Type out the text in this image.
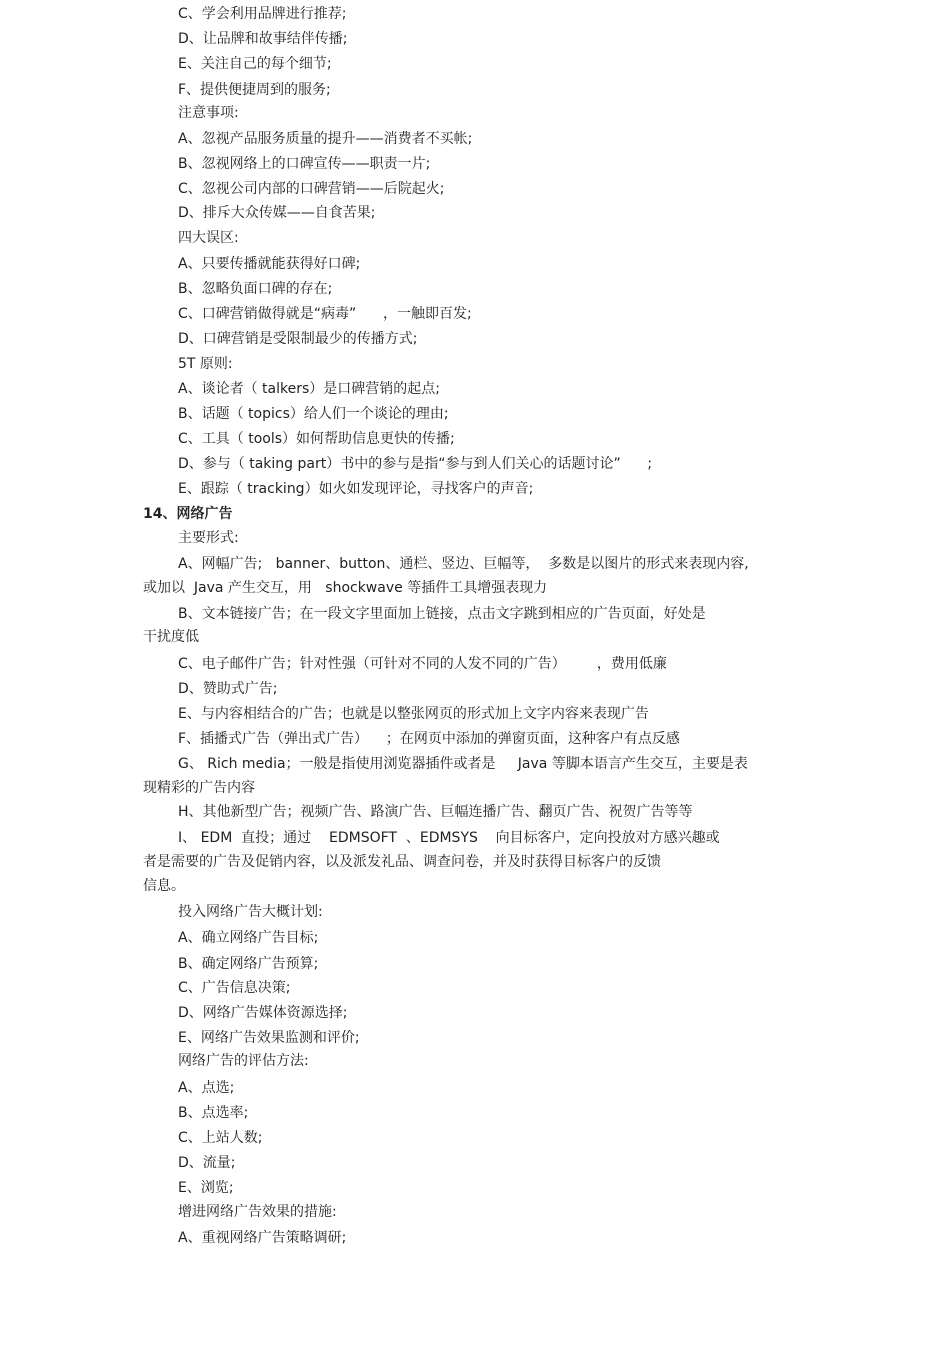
C、学会利用品牌进行推荐;
D、让品牌和故事结伴传播;
E、关注自己的每个细节;
F、提供便捷周到的服务;
注意事项:
A、忽视产品服务质量的提升——消费者不买帐;
B、忽视网络上的口碑宣传——职责一片;
C、忽视公司内部的口碑营销——后院起火;
D、排斥大众传媒——自食苦果;
四大误区:
A、只要传播就能获得好口碑;
B、忽略负面口碑的存在;
C、口碑营销做得就是“病毒”      ，一触即百发;
D、口碑营销是受限制最少的传播方式;
5T 原则:
A、谈论者（ talkers）是口碑营销的起点;
B、话题（ topics）给人们一个谈论的理由;
C、工具（ tools）如何帮助信息更快的传播;
D、参与（ taking part）书中的参与是指“参与到人们关心的话题讨论”      ;
E、跟踪（ tracking）如火如发现评论，寻找客户的声音;
14、网络广告
主要形式:
A、网幅广告;   banner、button、通栏、竖边、巨幅等，  多数是以图片的形式来表现内容,
或加以  Java 产生交互，用   shockwave 等插件工具增强表现力
B、文本链接广告；在一段文字里面加上链接，点击文字跳到相应的广告页面，好处是
干扰度低
C、电子邮件广告；针对性强（可针对不同的人发不同的广告）       ，费用低廉
D、赞助式广告;
E、与内容相结合的广告；也就是以整张网页的形式加上文字内容来表现广告
F、插播式广告（弹出式广告）    ；在网页中添加的弹窗页面，这种客户有点反感
G、 Rich media；一般是指使用浏览器插件或者是     Java 等脚本语言产生交互，主要是表
现精彩的广告内容
H、其他新型广告；视频广告、路演广告、巨幅连播广告、翻页广告、祝贺广告等等
I、 EDM  直投；通过    EDMSOFT  、EDMSYS    向目标客户，定向投放对方感兴趣或
者是需要的广告及促销内容，以及派发礼品、调查问卷，并及时获得目标客户的反馈
信息。
投入网络广告大概计划:
A、确立网络广告目标;
B、确定网络广告预算;
C、广告信息决策;
D、网络广告媒体资源选择;
E、网络广告效果监测和评价;
网络广告的评估方法:
A、点选;
B、点选率;
C、上站人数;
D、流量;
E、浏览;
增进网络广告效果的措施:
A、重视网络广告策略调研;
